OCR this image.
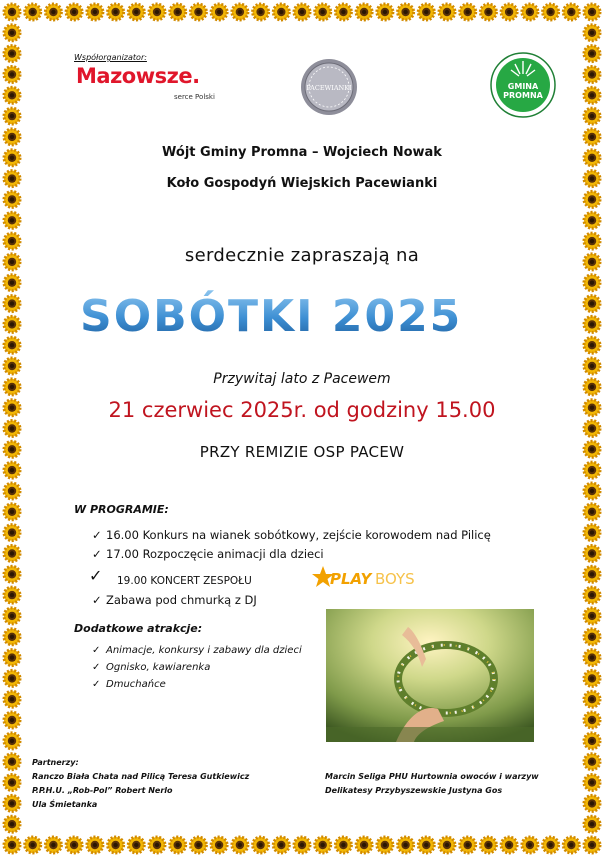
Współorganizator:
Mazowsze.
serce Polski
PACEWIANKI	GMINA
PROMNA
Wójt Gminy Promna – Wojciech Nowak
Koło Gospodyń Wiejskich Pacewianki
serdecznie zapraszają na
SOBÓTKI 2025
Przywitaj lato z Pacewem
21 czerwiec 2025r. od godziny 15.00
PRZY REMIZIE OSP PACEW
W PROGRAMIE:
✓ 16.00 Konkurs na wianek sobótkowy, zejście korowodem nad Pilicę
✓ 17.00 Rozpoczęcie animacji dla dzieci
✓ 19.00 KONCERT ZESPOŁU	PLAY BOYS
✓ Zabawa pod chmurką z DJ
Dodatkowe atrakcje:
✓ Animacje, konkursy i zabawy dla dzieci
✓ Ognisko, kawiarenka
✓ Dmuchańce
Partnerzy:
Ranczo Biała Chata nad Pilicą Teresa Gutkiewicz
P.P.H.U. „Rob-Pol” Robert Nerlo
Ula Śmietanka
Marcin Seliga PHU Hurtownia owoców i warzyw
Delikatesy Przybyszewskie Justyna Gos
